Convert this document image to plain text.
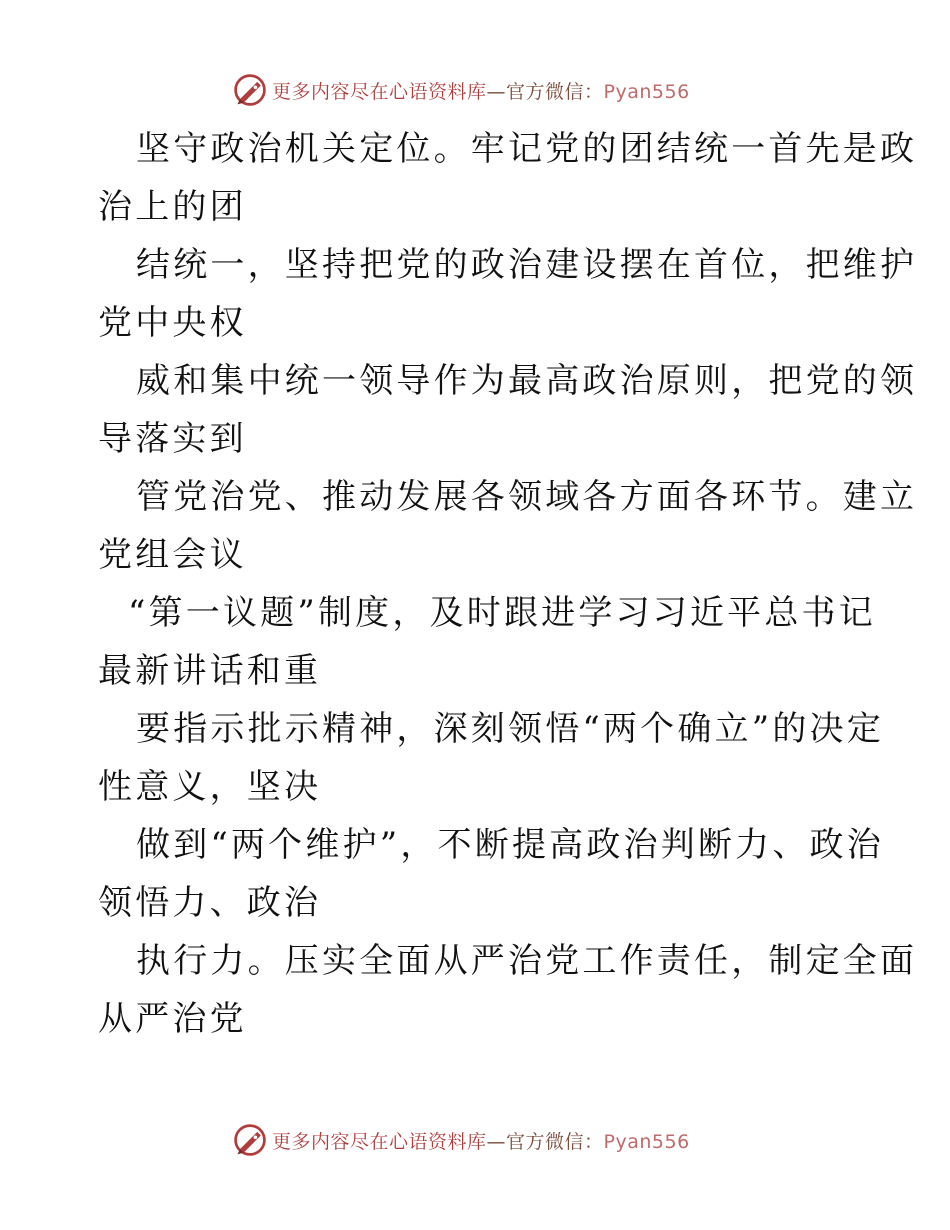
更多内容尽在心语资料库—官方微信：Pyan556

坚守政治机关定位。牢记党的团结统一首先是政
治上的团

结统一，坚持把党的政治建设摆在首位，把维护
党中央权

威和集中统一领导作为最高政治原则，把党的领
导落实到

管党治党、推动发展各领域各方面各环节。建立
党组会议

“第一议题”制度，及时跟进学习习近平总书记
最新讲话和重

要指示批示精神，深刻领悟“两个确立”的决定
性意义，坚决

做到“两个维护”，不断提高政治判断力、政治
领悟力、政治

执行力。压实全面从严治党工作责任，制定全面
从严治党

更多内容尽在心语资料库—官方微信：Pyan556
